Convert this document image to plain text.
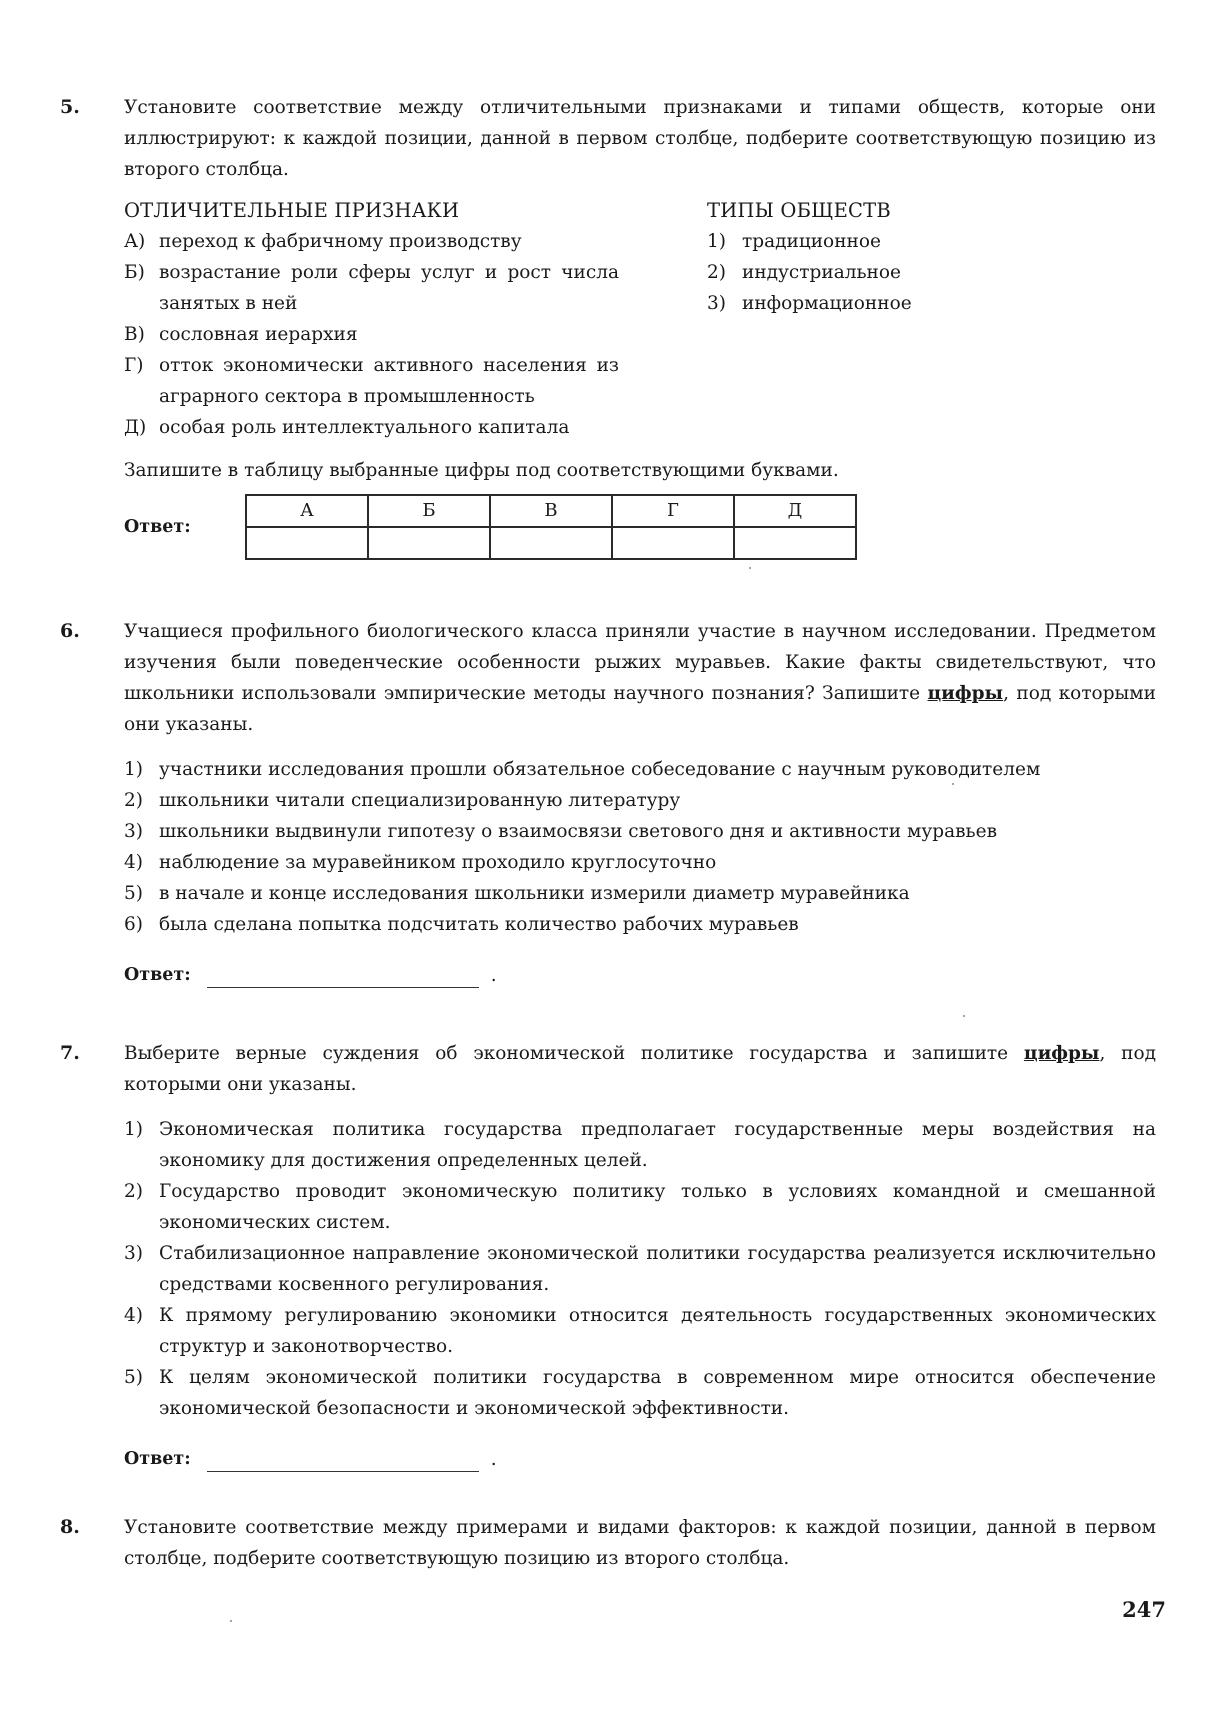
5. Установите соответствие между отличительными признаками и типами обществ, которые они иллюстрируют: к каждой позиции, данной в первом столбце, подберите соответствующую позицию из второго столбца.

ОТЛИЧИТЕЛЬНЫЕ ПРИЗНАКИ
А) переход к фабричному производству
Б) возрастание роли сферы услуг и рост числа занятых в ней
В) сословная иерархия
Г) отток экономически активного населения из аграрного сектора в промышленность
Д) особая роль интеллектуального капитала
ТИПЫ ОБЩЕСТВ
1) традиционное
2) индустриальное
3) информационное

Запишите в таблицу выбранные цифры под соответствующими буквами.

Ответ:
А	Б	В	Г	Д

6. Учащиеся профильного биологического класса приняли участие в научном исследовании. Предметом изучения были поведенческие особенности рыжих муравьев. Какие факты свидетельствуют, что школьники использовали эмпирические методы научного познания? Запишите цифры, под которыми они указаны.

1) участники исследования прошли обязательное собеседование с научным руководителем
2) школьники читали специализированную литературу
3) школьники выдвинули гипотезу о взаимосвязи светового дня и активности муравьев
4) наблюдение за муравейником проходило круглосуточно
5) в начале и конце исследования школьники измерили диаметр муравейника
6) была сделана попытка подсчитать количество рабочих муравьев
Ответ:	.
7. Выберите верные суждения об экономической политике государства и запишите цифры, под которыми они указаны.

1) Экономическая политика государства предполагает государственные меры воздействия на экономику для достижения определенных целей.
2) Государство проводит экономическую политику только в условиях командной и смешанной экономических систем.
3) Стабилизационное направление экономической политики государства реализуется исключительно средствами косвенного регулирования.
4) К прямому регулированию экономики относится деятельность государственных экономических структур и законотворчество.
5) К целям экономической политики государства в современном мире относится обеспечение экономической безопасности и экономической эффективности.
Ответ:	.
8. Установите соответствие между примерами и видами факторов: к каждой позиции, данной в первом столбце, подберите соответствующую позицию из второго столбца.

247
